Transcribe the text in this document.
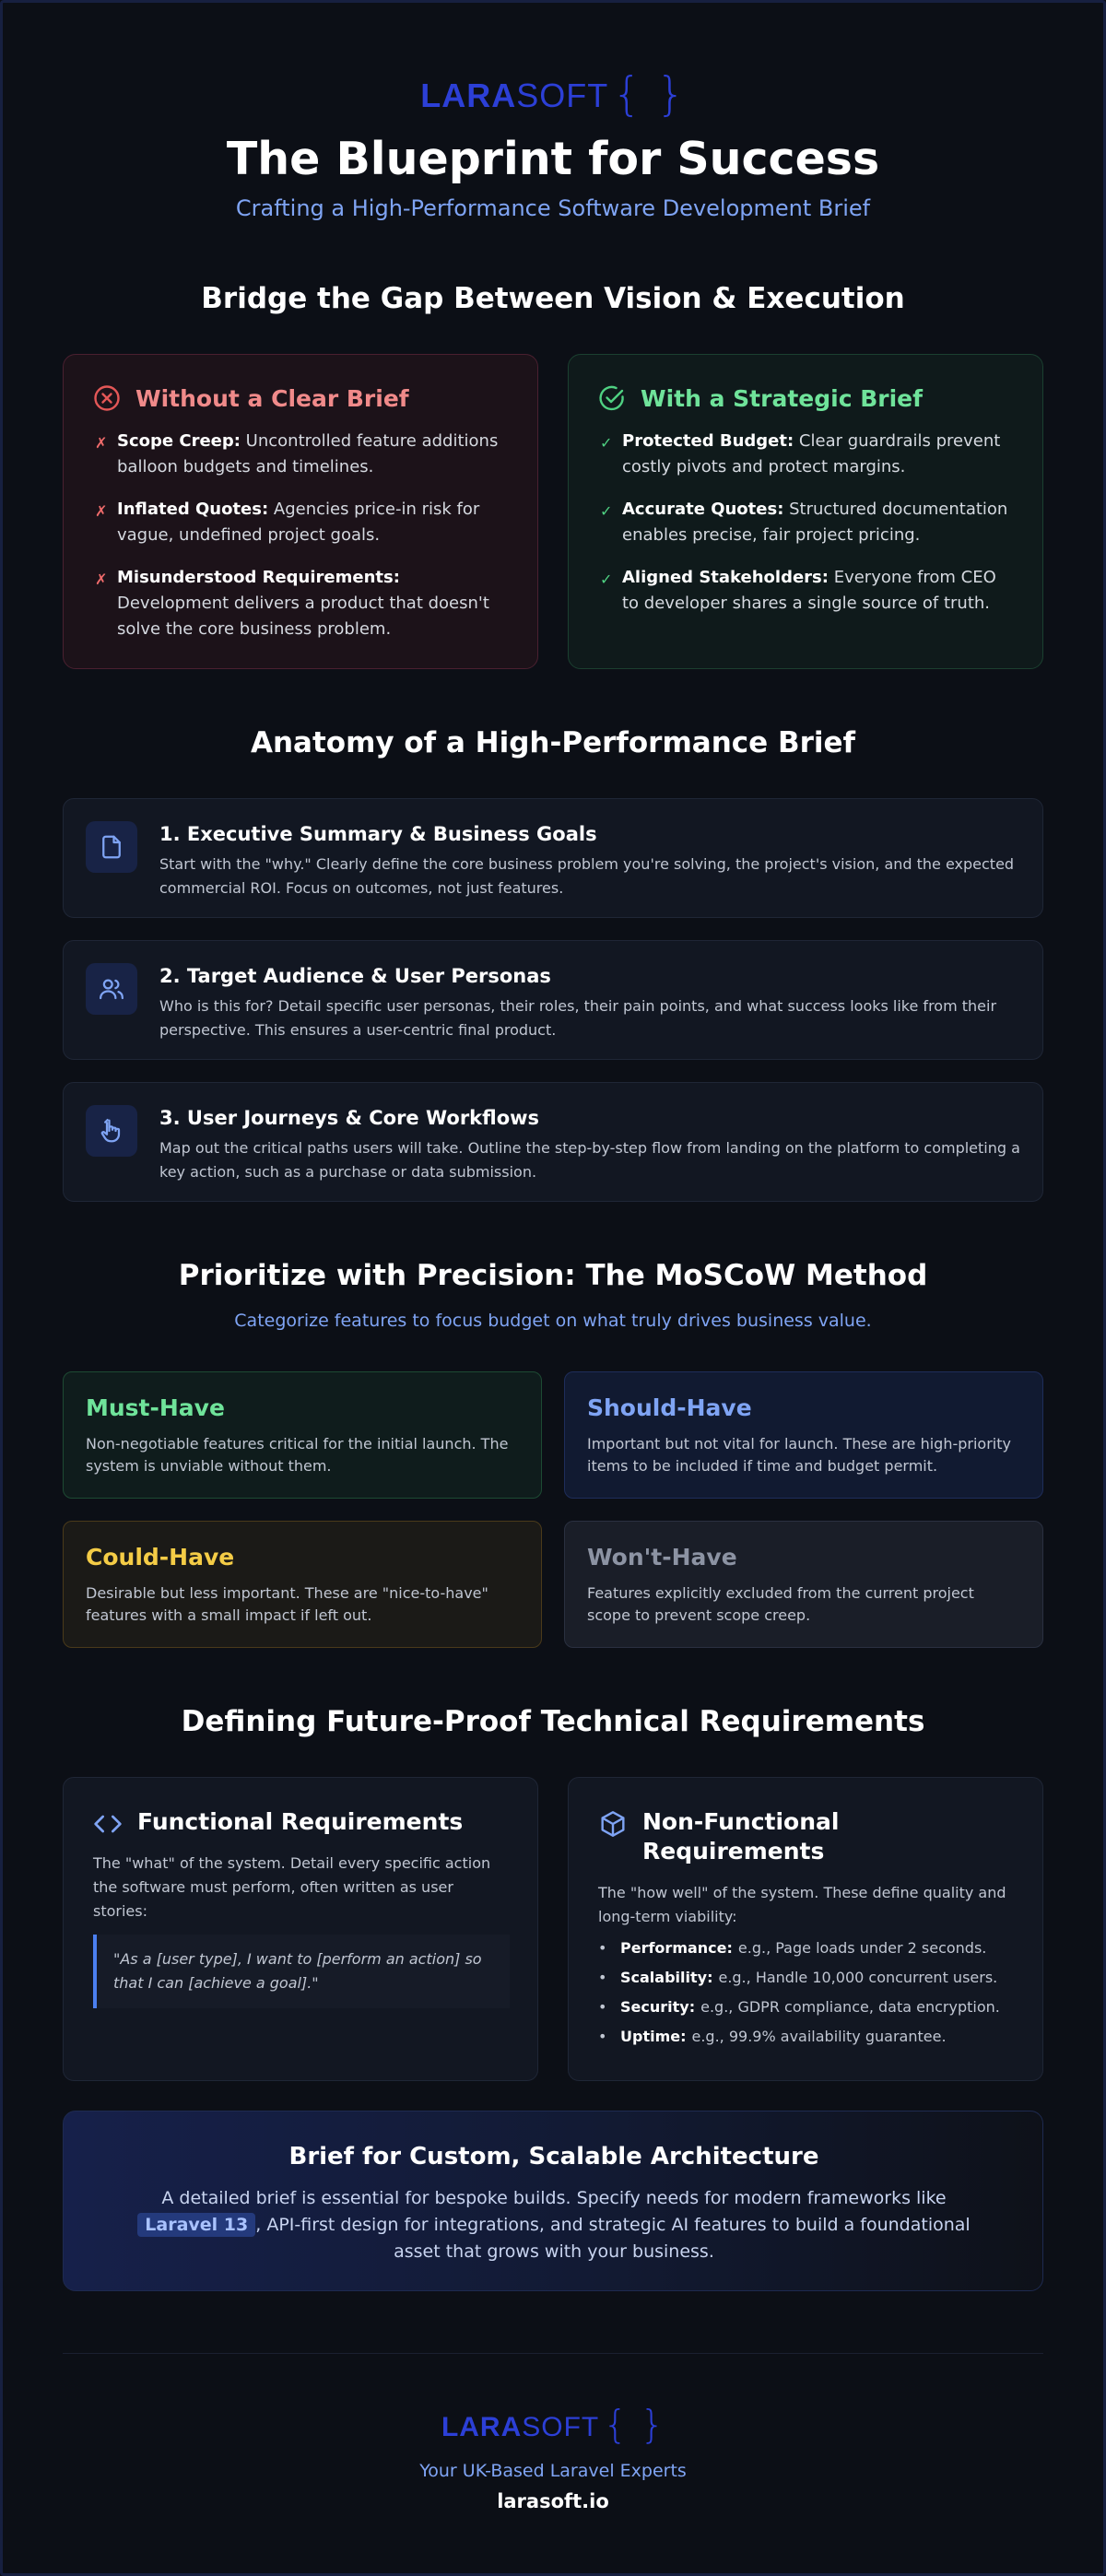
LARASOFT{ }
The Blueprint for Success
Crafting a High-Performance Software Development Brief
Bridge the Gap Between Vision & Execution
Without a Clear Brief
✗ Scope Creep: Uncontrolled feature additions balloon budgets and timelines.
✗ Inflated Quotes: Agencies price-in risk for vague, undefined project goals.
✗ Misunderstood Requirements: Development delivers a product that doesn't solve the core business problem.
With a Strategic Brief
✓ Protected Budget: Clear guardrails prevent costly pivots and protect margins.
✓ Accurate Quotes: Structured documentation enables precise, fair project pricing.
✓ Aligned Stakeholders: Everyone from CEO to developer shares a single source of truth.
Anatomy of a High-Performance Brief
1. Executive Summary & Business Goals
Start with the "why." Clearly define the core business problem you're solving, the project's vision, and the expected commercial ROI. Focus on outcomes, not just features.
2. Target Audience & User Personas
Who is this for? Detail specific user personas, their roles, their pain points, and what success looks like from their perspective. This ensures a user-centric final product.
3. User Journeys & Core Workflows
Map out the critical paths users will take. Outline the step-by-step flow from landing on the platform to completing a key action, such as a purchase or data submission.
Prioritize with Precision: The MoSCoW Method
Categorize features to focus budget on what truly drives business value.
Must-Have
Non-negotiable features critical for the initial launch. The system is unviable without them.
Should-Have
Important but not vital for launch. These are high-priority items to be included if time and budget permit.
Could-Have
Desirable but less important. These are "nice-to-have" features with a small impact if left out.
Won't-Have
Features explicitly excluded from the current project scope to prevent scope creep.
Defining Future-Proof Technical Requirements
Functional Requirements
The "what" of the system. Detail every specific action the software must perform, often written as user stories:
"As a [user type], I want to [perform an action] so that I can [achieve a goal]."
Non-Functional
Requirements
The "how well" of the system. These define quality and long-term viability:
• Performance: e.g., Page loads under 2 seconds.
• Scalability: e.g., Handle 10,000 concurrent users.
• Security: e.g., GDPR compliance, data encryption.
• Uptime: e.g., 99.9% availability guarantee.
Brief for Custom, Scalable Architecture
A detailed brief is essential for bespoke builds. Specify needs for modern frameworks like Laravel 13 , API-first design for integrations, and strategic AI features to build a foundational asset that grows with your business.
LARASOFT{ }
Your UK-Based Laravel Experts
larasoft.io
